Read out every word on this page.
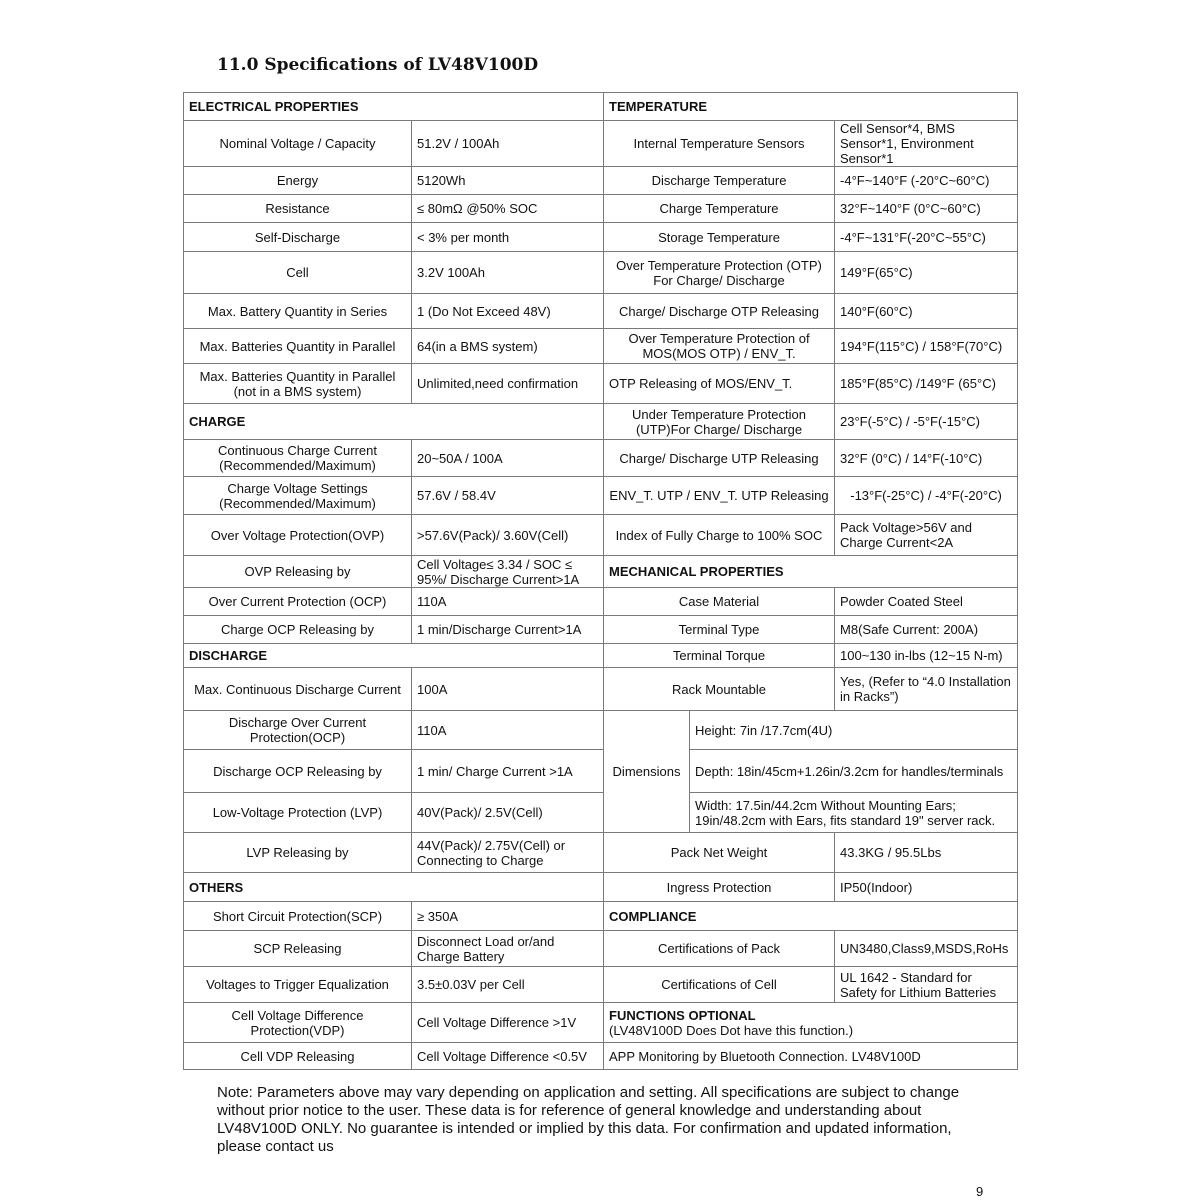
11.0 Specifications of LV48V100D
ELECTRICAL PROPERTIES		TEMPERATURE		
Nominal Voltage / Capacity	51.2V / 100Ah	Internal Temperature Sensors		Cell Sensor*4, BMS Sensor*1, Environment Sensor*1
Energy	5120Wh	Discharge Temperature		-4°F~140°F (-20°C~60°C)
Resistance	≤ 80mΩ @50% SOC	Charge Temperature		32°F~140°F (0°C~60°C)
Self-Discharge	< 3% per month	Storage Temperature		-4°F~131°F(-20°C~55°C)
Cell	3.2V 100Ah	Over Temperature Protection (OTP) For Charge/ Discharge		149°F(65°C)
Max. Battery Quantity in Series	1 (Do Not Exceed 48V)	Charge/ Discharge OTP Releasing		140°F(60°C)
Max. Batteries Quantity in Parallel	64(in a BMS system)	Over Temperature Protection of MOS(MOS OTP) / ENV_T.		194°F(115°C) / 158°F(70°C)
Max. Batteries Quantity in Parallel (not in a BMS system)	Unlimited,need confirmation	OTP Releasing of MOS/ENV_T.		185°F(85°C) /149°F (65°C)
CHARGE		Under Temperature Protection (UTP)For Charge/ Discharge		23°F(-5°C) / -5°F(-15°C)
Continuous Charge Current (Recommended/Maximum)	20~50A / 100A	Charge/ Discharge UTP Releasing		32°F (0°C) / 14°F(-10°C)
Charge Voltage Settings (Recommended/Maximum)	57.6V / 58.4V	ENV_T. UTP / ENV_T. UTP Releasing		-13°F(-25°C) / -4°F(-20°C)
Over Voltage Protection(OVP)	>57.6V(Pack)/ 3.60V(Cell)	Index of Fully Charge to 100% SOC		Pack Voltage>56V and Charge Current<2A
OVP Releasing by	Cell Voltage≤ 3.34 / SOC ≤ 95%/ Discharge Current>1A	MECHANICAL PROPERTIES		
Over Current Protection (OCP)	110A	Case Material		Powder Coated Steel
Charge OCP Releasing by	1 min/Discharge Current>1A	Terminal Type		M8(Safe Current: 200A)
DISCHARGE		Terminal Torque		100~130 in-lbs (12~15 N-m)
Max. Continuous Discharge Current	100A	Rack Mountable		Yes, (Refer to “4.0 Installation in Racks”)
Discharge Over Current Protection(OCP)	110A	Dimensions	Height: 7in /17.7cm(4U)	
Discharge OCP Releasing by	1 min/ Charge Current >1A		Depth: 18in/45cm+1.26in/3.2cm for handles/terminals	
Low-Voltage Protection (LVP)	40V(Pack)/ 2.5V(Cell)		Width: 17.5in/44.2cm Without Mounting Ears; 19in/48.2cm with Ears, fits standard 19" server rack.	
LVP Releasing by	44V(Pack)/ 2.75V(Cell) or Connecting to Charge	Pack Net Weight		43.3KG / 95.5Lbs
OTHERS		Ingress Protection		IP50(Indoor)
Short Circuit Protection(SCP)	≥ 350A	COMPLIANCE		
SCP Releasing	Disconnect Load or/and Charge Battery	Certifications of Pack		UN3480,Class9,MSDS,RoHs
Voltages to Trigger Equalization	3.5±0.03V per Cell	Certifications of Cell		UL 1642 - Standard for Safety for Lithium Batteries
Cell Voltage Difference Protection(VDP)	Cell Voltage Difference >1V	FUNCTIONS OPTIONAL
(LV48V100D Does Dot have this function.)		

Cell VDP Releasing	Cell Voltage Difference <0.5V	APP Monitoring by Bluetooth Connection. LV48V100D		

Note: Parameters above may vary depending on application and setting. All specifications are subject to change without prior notice to the user. These data is for reference of general knowledge and understanding about LV48V100D ONLY. No guarantee is intended or implied by this data. For confirmation and updated information, please contact us

9
